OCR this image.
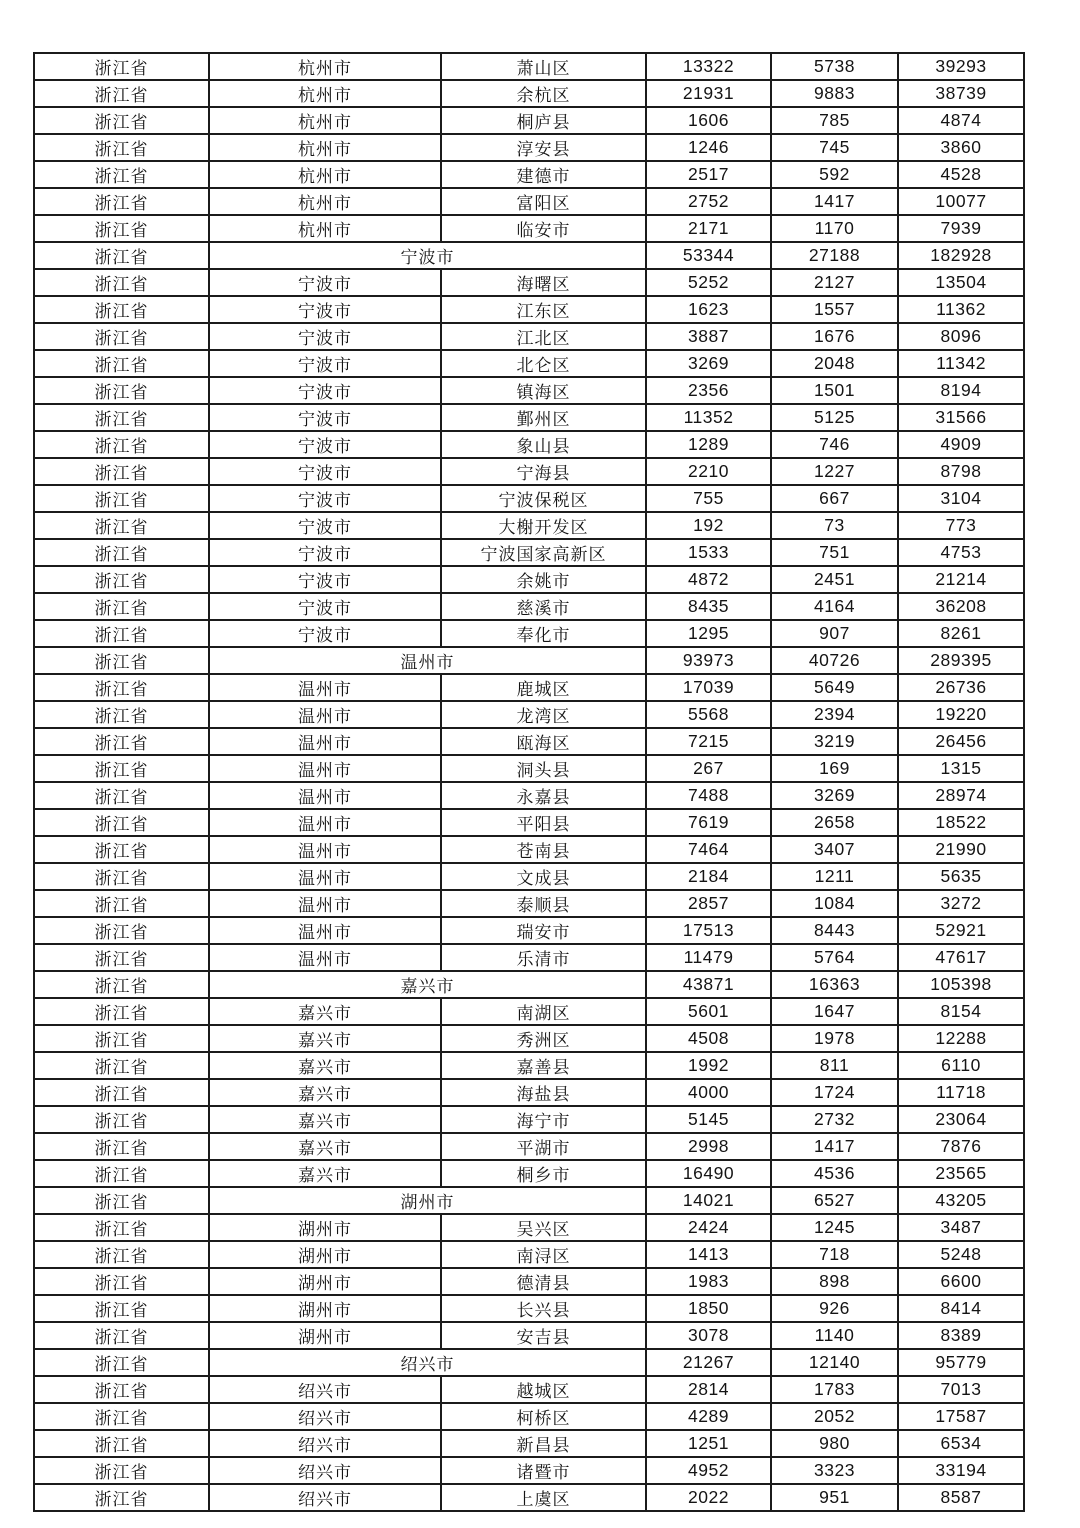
浙江省	杭州市	萧山区	13322	5738	39293
浙江省	杭州市	余杭区	21931	9883	38739
浙江省	杭州市	桐庐县	1606	785	4874
浙江省	杭州市	淳安县	1246	745	3860
浙江省	杭州市	建德市	2517	592	4528
浙江省	杭州市	富阳区	2752	1417	10077
浙江省	杭州市	临安市	2171	1170	7939
浙江省	宁波市		53344	27188	182928
浙江省	宁波市	海曙区	5252	2127	13504
浙江省	宁波市	江东区	1623	1557	11362
浙江省	宁波市	江北区	3887	1676	8096
浙江省	宁波市	北仑区	3269	2048	11342
浙江省	宁波市	镇海区	2356	1501	8194
浙江省	宁波市	鄞州区	11352	5125	31566
浙江省	宁波市	象山县	1289	746	4909
浙江省	宁波市	宁海县	2210	1227	8798
浙江省	宁波市	宁波保税区	755	667	3104
浙江省	宁波市	大榭开发区	192	73	773
浙江省	宁波市	宁波国家高新区	1533	751	4753
浙江省	宁波市	余姚市	4872	2451	21214
浙江省	宁波市	慈溪市	8435	4164	36208
浙江省	宁波市	奉化市	1295	907	8261
浙江省	温州市		93973	40726	289395
浙江省	温州市	鹿城区	17039	5649	26736
浙江省	温州市	龙湾区	5568	2394	19220
浙江省	温州市	瓯海区	7215	3219	26456
浙江省	温州市	洞头县	267	169	1315
浙江省	温州市	永嘉县	7488	3269	28974
浙江省	温州市	平阳县	7619	2658	18522
浙江省	温州市	苍南县	7464	3407	21990
浙江省	温州市	文成县	2184	1211	5635
浙江省	温州市	泰顺县	2857	1084	3272
浙江省	温州市	瑞安市	17513	8443	52921
浙江省	温州市	乐清市	11479	5764	47617
浙江省	嘉兴市		43871	16363	105398
浙江省	嘉兴市	南湖区	5601	1647	8154
浙江省	嘉兴市	秀洲区	4508	1978	12288
浙江省	嘉兴市	嘉善县	1992	811	6110
浙江省	嘉兴市	海盐县	4000	1724	11718
浙江省	嘉兴市	海宁市	5145	2732	23064
浙江省	嘉兴市	平湖市	2998	1417	7876
浙江省	嘉兴市	桐乡市	16490	4536	23565
浙江省	湖州市		14021	6527	43205
浙江省	湖州市	吴兴区	2424	1245	3487
浙江省	湖州市	南浔区	1413	718	5248
浙江省	湖州市	德清县	1983	898	6600
浙江省	湖州市	长兴县	1850	926	8414
浙江省	湖州市	安吉县	3078	1140	8389
浙江省	绍兴市		21267	12140	95779
浙江省	绍兴市	越城区	2814	1783	7013
浙江省	绍兴市	柯桥区	4289	2052	17587
浙江省	绍兴市	新昌县	1251	980	6534
浙江省	绍兴市	诸暨市	4952	3323	33194
浙江省	绍兴市	上虞区	2022	951	8587
